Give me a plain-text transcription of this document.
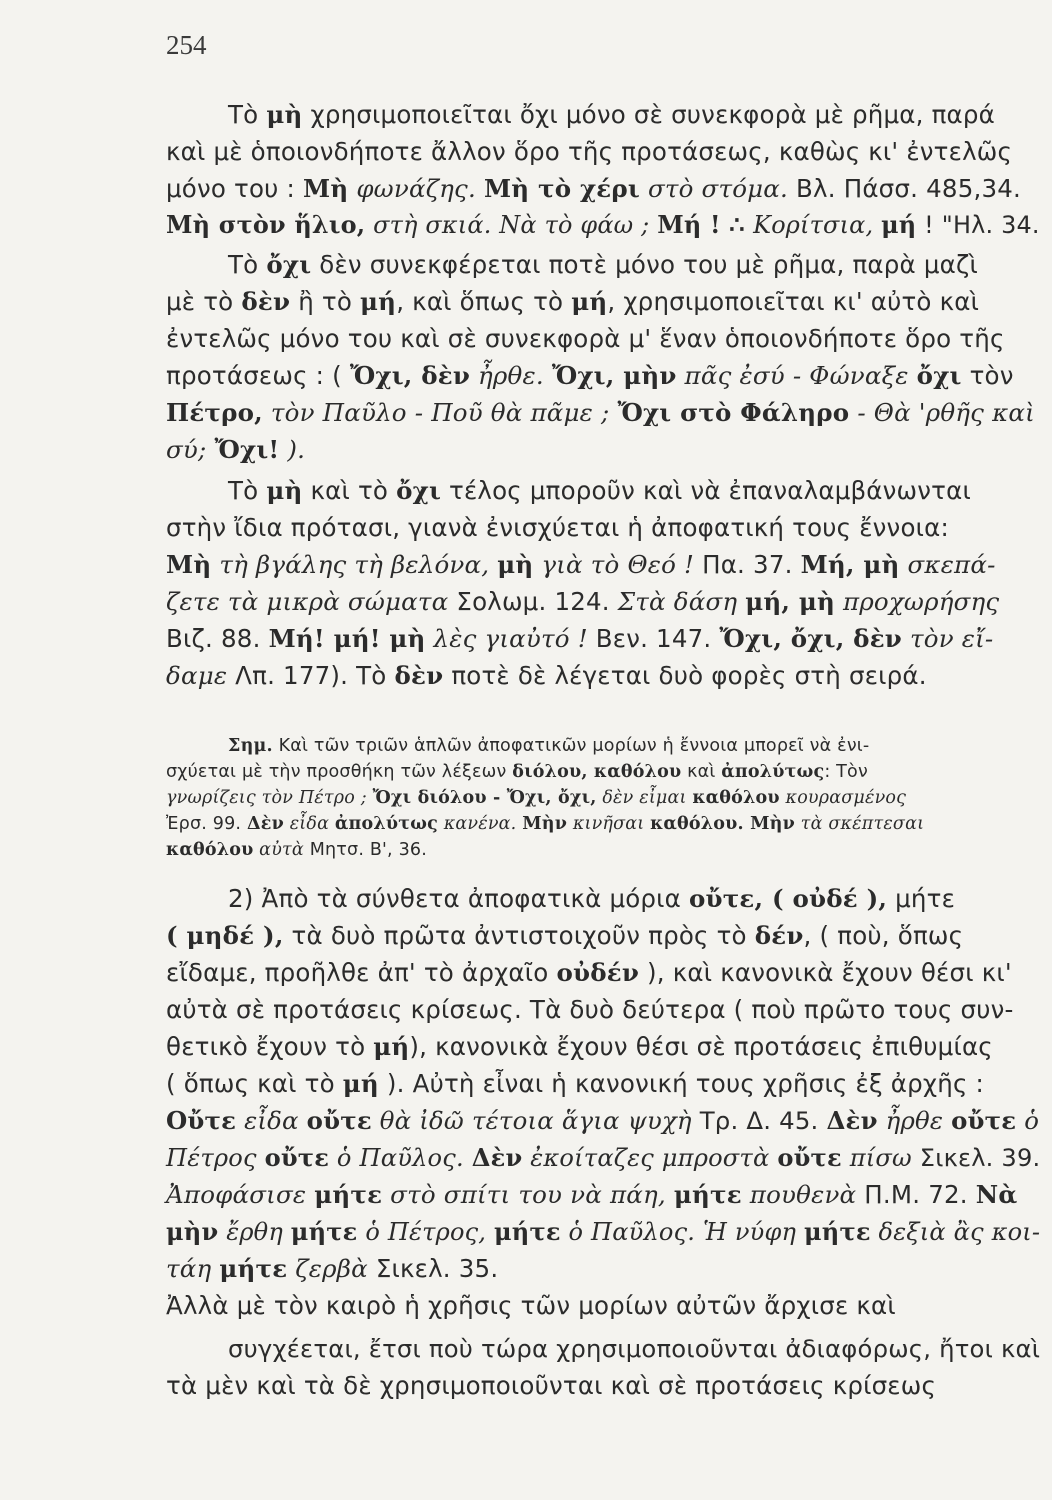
254
Τὸ μὴ χρησιμοποιεῖται ὄχι μόνο σὲ συνεκφορὰ μὲ ρῆμα, παρά
καὶ μὲ ὁποιονδήποτε ἄλλον ὅρο τῆς προτάσεως, καθὼς κι' ἐντελῶς
μόνο του : Μὴ φωνάζης. Μὴ τὸ χέρι στὸ στόμα. Βλ. Πάσσ. 485,34.
Μὴ στὸν ἥλιο, στὴ σκιά. Νὰ τὸ φάω ; Μή ! ∴ Κορίτσια, μή ! "Ηλ. 34.
Τὸ ὄχι δὲν συνεκφέρεται ποτὲ μόνο του μὲ ρῆμα, παρὰ μαζὶ
μὲ τὸ δὲν ἢ τὸ μή, καὶ ὅπως τὸ μή, χρησιμοποιεῖται κι' αὐτὸ καὶ
ἐντελῶς μόνο του καὶ σὲ συνεκφορὰ μ' ἕναν ὁποιονδήποτε ὅρο τῆς
προτάσεως : ( Ὄχι, δὲν ἦρθε. Ὄχι, μὴν πᾶς ἐσύ - Φώναξε ὄχι τὸν
Πέτρο, τὸν Παῦλο - Ποῦ θὰ πᾶμε ; Ὄχι στὸ Φάληρο - Θὰ 'ρθῆς καὶ
σύ; Ὄχι! ).
Τὸ μὴ καὶ τὸ ὄχι τέλος μποροῦν καὶ νὰ ἐπαναλαμβάνωνται
στὴν ἴδια πρότασι, γιανὰ ἐνισχύεται ἡ ἀποφατική τους ἔννοια:
Μὴ τὴ βγάλης τὴ βελόνα, μὴ γιὰ τὸ Θεό ! Πα. 37. Μή, μὴ σκεπά-
ζετε τὰ μικρὰ σώματα Σολωμ. 124. Στὰ δάση μή, μὴ προχωρήσης
Βιζ. 88. Μή! μή! μὴ λὲς γιαὐτό ! Βεν. 147. Ὄχι, ὄχι, δὲν τὸν εἴ-
δαμε Λπ. 177). Τὸ δὲν ποτὲ δὲ λέγεται δυὸ φορὲς στὴ σειρά.
Σημ. Καὶ τῶν τριῶν ἁπλῶν ἀποφατικῶν μορίων ἡ ἔννοια μπορεῖ νὰ ἐνι-
σχύεται μὲ τὴν προσθήκη τῶν λέξεων διόλου, καθόλου καὶ ἀπολύτως: Τὸν
γνωρίζεις τὸν Πέτρο ; Ὄχι διόλου - Ὄχι, ὄχι, δὲν εἶμαι καθόλου κουρασμένος
Ἐρσ. 99. Δὲν εἶδα ἀπολύτως κανένα. Μὴν κινῆσαι καθόλου. Μὴν τὰ σκέπτεσαι
καθόλου αὐτὰ Μητσ. Β', 36.
2) Ἀπὸ τὰ σύνθετα ἀποφατικὰ μόρια οὔτε, ( οὐδέ ), μήτε
( μηδέ ), τὰ δυὸ πρῶτα ἀντιστοιχοῦν πρὸς τὸ δέν, ( ποὺ, ὅπως
εἴδαμε, προῆλθε ἀπ' τὸ ἀρχαῖο οὐδέν ), καὶ κανονικὰ ἔχουν θέσι κι'
αὐτὰ σὲ προτάσεις κρίσεως. Τὰ δυὸ δεύτερα ( ποὺ πρῶτο τους συν-
θετικὸ ἔχουν τὸ μή), κανονικὰ ἔχουν θέσι σὲ προτάσεις ἐπιθυμίας
( ὅπως καὶ τὸ μή ). Αὐτὴ εἶναι ἡ κανονική τους χρῆσις ἐξ ἀρχῆς :
Οὔτε εἶδα οὔτε θὰ ἰδῶ τέτοια ἅγια ψυχὴ Τρ. Δ. 45. Δὲν ἦρθε οὔτε ὁ
Πέτρος οὔτε ὁ Παῦλος. Δὲν ἐκοίταζες μπροστὰ οὔτε πίσω Σικελ. 39.
Ἀποφάσισε μήτε στὸ σπίτι του νὰ πάη, μήτε πουθενὰ Π.Μ. 72. Νὰ
μὴν ἔρθη μήτε ὁ Πέτρος, μήτε ὁ Παῦλος. Ἡ νύφη μήτε δεξιὰ ἂς κοι-
τάη μήτε ζερβὰ Σικελ. 35.
Ἀλλὰ μὲ τὸν καιρὸ ἡ χρῆσις τῶν μορίων αὐτῶν ἄρχισε καὶ
συγχέεται, ἔτσι ποὺ τώρα χρησιμοποιοῦνται ἀδιαφόρως, ἤτοι καὶ
τὰ μὲν καὶ τὰ δὲ χρησιμοποιοῦνται καὶ σὲ προτάσεις κρίσεως
